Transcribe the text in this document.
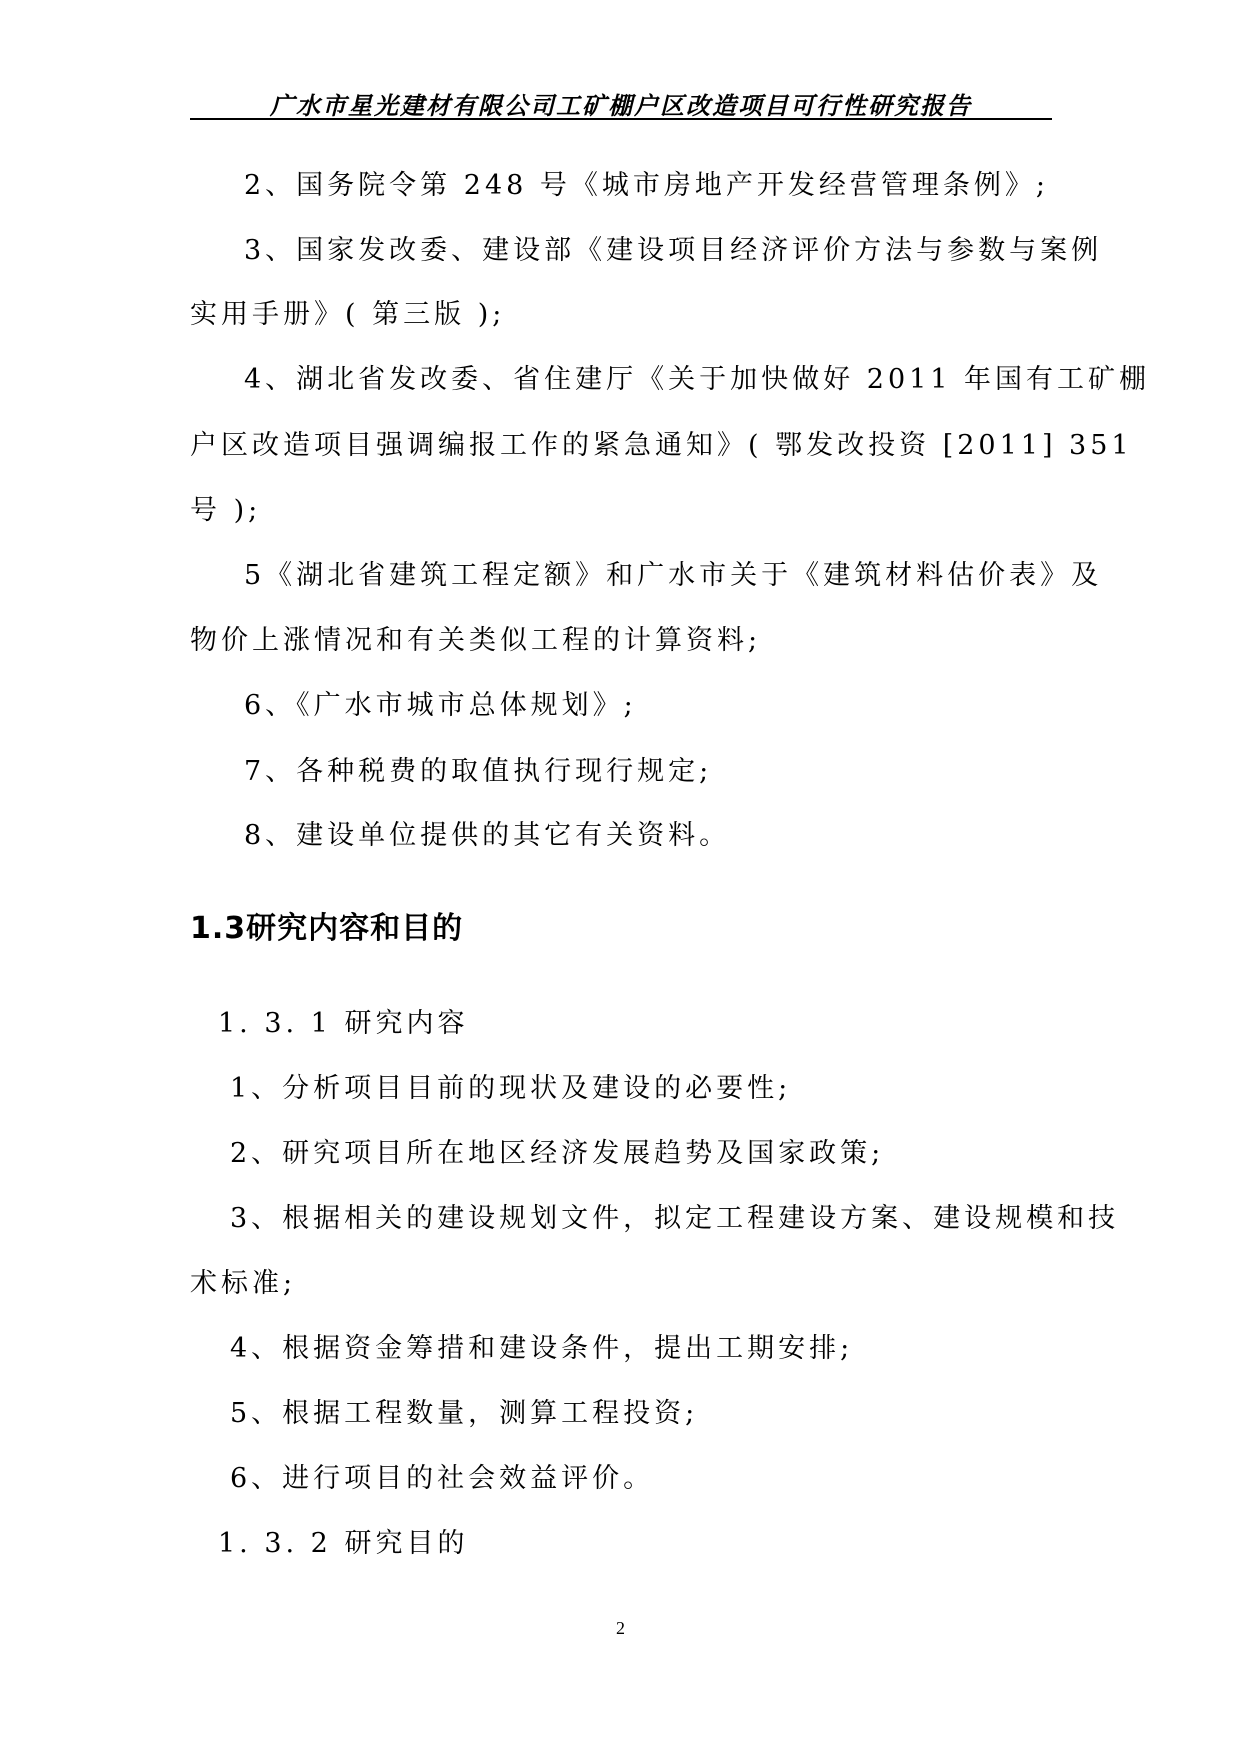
广水市星光建材有限公司工矿棚户区改造项目可行性研究报告
2、国务院令第 248 号《城市房地产开发经营管理条例》;
3、国家发改委、建设部《建设项目经济评价方法与参数与案例
实用手册》( 第三版 );
4、湖北省发改委、省住建厅《关于加快做好 2011 年国有工矿棚
户区改造项目强调编报工作的紧急通知》( 鄂发改投资 [2011] 351
号 );
5《湖北省建筑工程定额》和广水市关于《建筑材料估价表》及
物价上涨情况和有关类似工程的计算资料;
6、《广水市城市总体规划》;
7、各种税费的取值执行现行规定;
8、建设单位提供的其它有关资料。
1.3研究内容和目的
1. 3. 1 研究内容
1、分析项目目前的现状及建设的必要性;
2、研究项目所在地区经济发展趋势及国家政策;
3、根据相关的建设规划文件，拟定工程建设方案、建设规模和技
术标准;
4、根据资金筹措和建设条件，提出工期安排;
5、根据工程数量，测算工程投资;
6、进行项目的社会效益评价。
1. 3. 2 研究目的
2
